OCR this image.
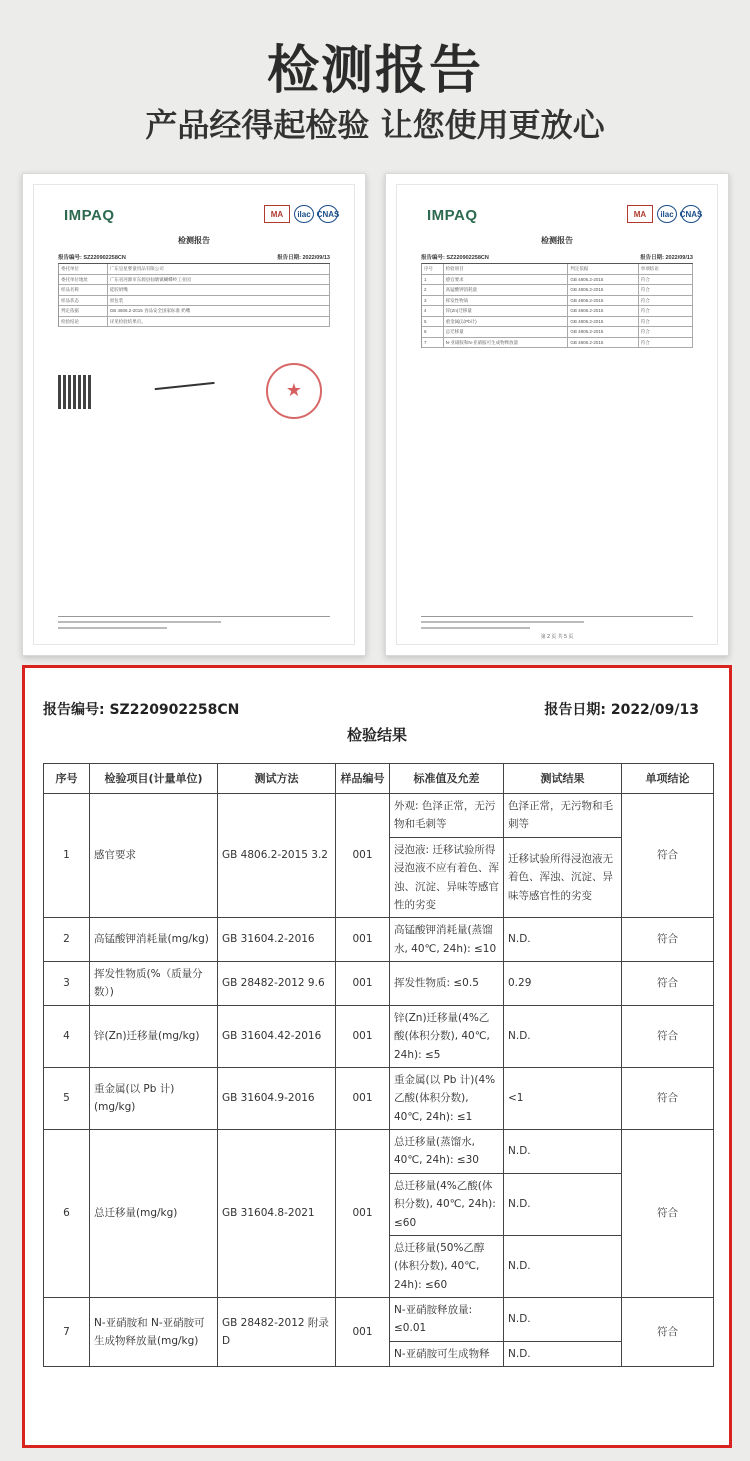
检测报告
产品经得起检验 让您使用更放心
IMPAQ	MA	ilac CNAS
检测报告
报告编号: SZ220902258CN	报告日期: 2022/09/13
委托单位	广东皇星婴童用品有限公司
委托单位地址	广东省河源市东源县仙塘镇蝴蝶岭工业园
样品名称	硅胶奶嘴
样品状态	原包装
判定依据	GB 4806.2-2015 食品安全国家标准 奶嘴
检验结论	详见检验结果页。
★
IMPAQ	MA	ilac CNAS
检测报告
报告编号: SZ220902258CN	报告日期: 2022/09/13
序号	检验项目	判定依据	单项结论
1	感官要求	GB 4806.2-2015	符合
2	高锰酸钾消耗量	GB 4806.2-2015	符合
3	挥发性物质	GB 4806.2-2015	符合
4	锌(Zn)迁移量	GB 4806.2-2015	符合
5	重金属(以Pb计)	GB 4806.2-2015	符合
6	总迁移量	GB 4806.2-2015	符合
7	N-亚硝胺和N-亚硝胺可生成物释放量	GB 4806.2-2015	符合
第 2 页 共 5 页
报告编号: SZ220902258CN	报告日期: 2022/09/13
检验结果
序号	检验项目(计量单位)	测试方法	样品编号	标准值及允差	测试结果	单项结论
1	感官要求	GB 4806.2-2015 3.2	001	外观: 色泽正常，无污物和毛刺等	色泽正常，无污物和毛刺等	符合
				浸泡液: 迁移试验所得浸泡液不应有着色、浑浊、沉淀、异味等感官性的劣变	迁移试验所得浸泡液无着色、浑浊、沉淀、异味等感官性的劣变	
2	高锰酸钾消耗量(mg/kg)	GB 31604.2-2016	001	高锰酸钾消耗量(蒸馏水, 40℃, 24h): ≤10	N.D.	符合
3	挥发性物质(%（质量分数）)	GB 28482-2012 9.6	001	挥发性物质: ≤0.5	0.29	符合
4	锌(Zn)迁移量(mg/kg)	GB 31604.42-2016	001	锌(Zn)迁移量(4%乙酸(体积分数), 40℃, 24h): ≤5	N.D.	符合
5	重金属(以 Pb 计)(mg/kg)	GB 31604.9-2016	001	重金属(以 Pb 计)(4%乙酸(体积分数), 40℃, 24h): ≤1	<1	符合
6	总迁移量(mg/kg)	GB 31604.8-2021	001	总迁移量(蒸馏水, 40℃, 24h): ≤30	N.D.	符合
				总迁移量(4%乙酸(体积分数), 40℃, 24h): ≤60	N.D.	
				总迁移量(50%乙醇(体积分数), 40℃, 24h): ≤60	N.D.	
7	N-亚硝胺和 N-亚硝胺可生成物释放量(mg/kg)	GB 28482-2012 附录 D	001	N-亚硝胺释放量: ≤0.01	N.D.	符合
				N-亚硝胺可生成物释	N.D.	
